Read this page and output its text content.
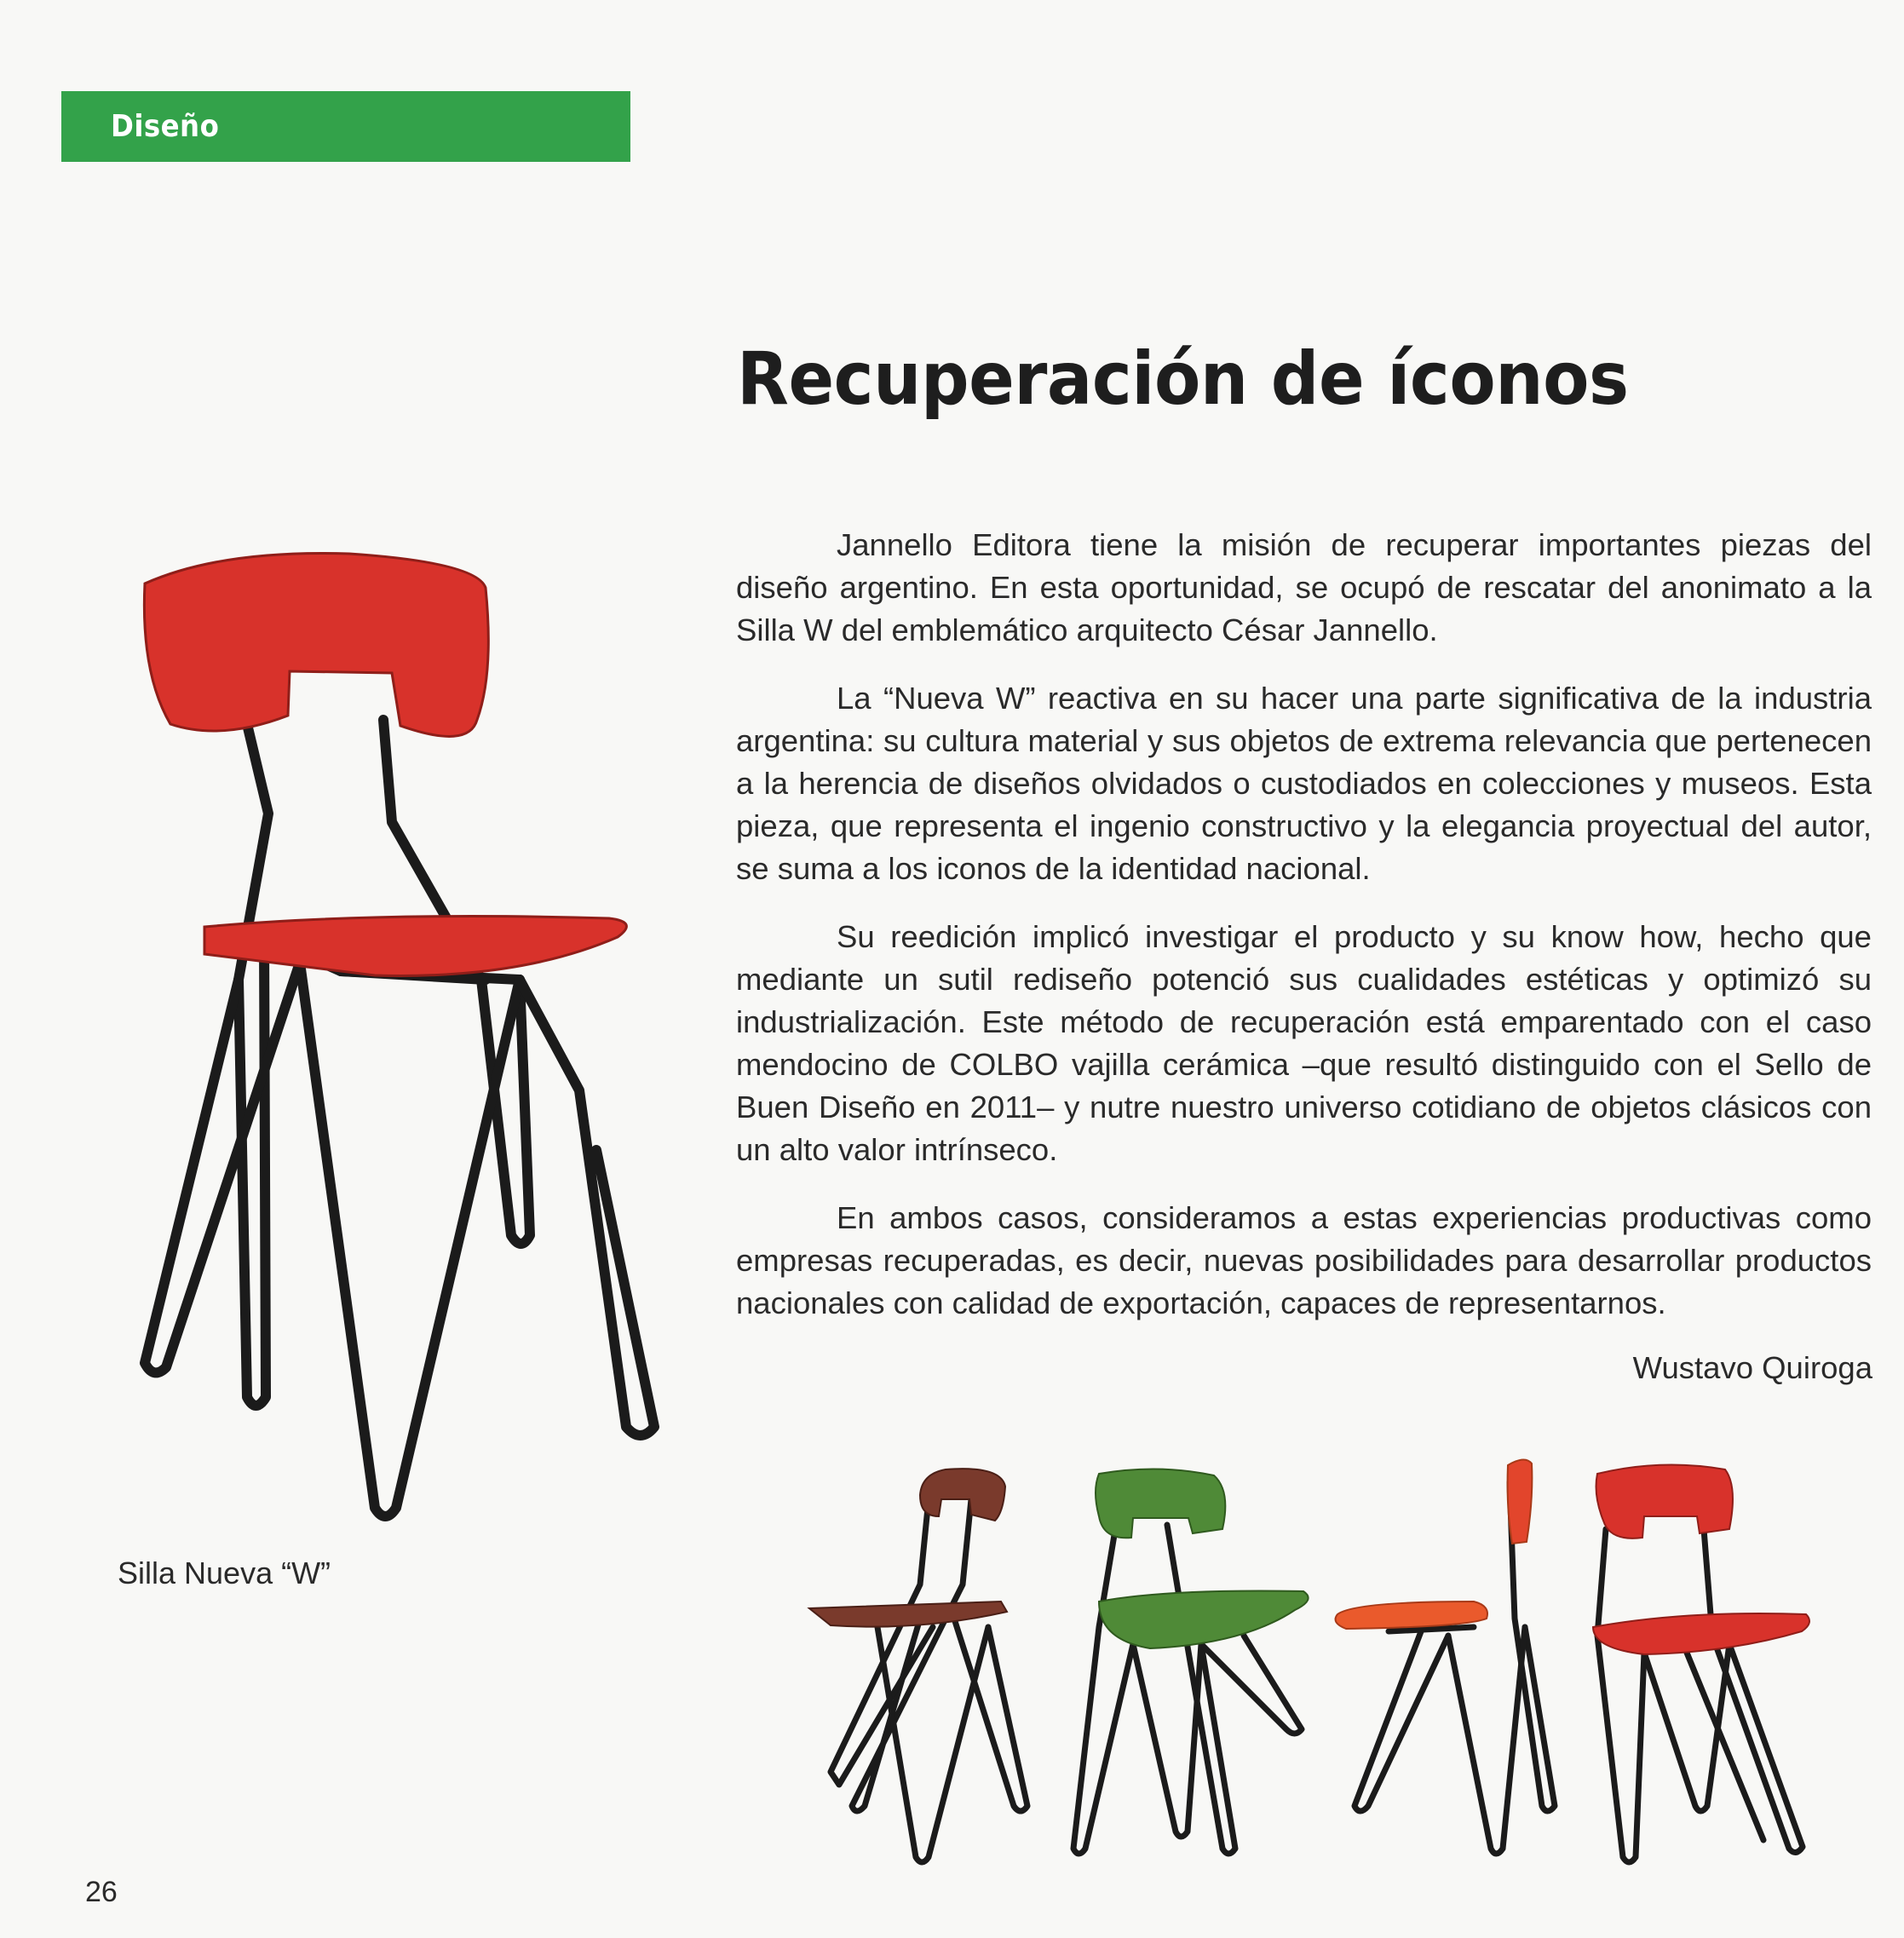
Diseño
Recuperación de íconos

Jannello Editora tiene la misión de recuperar importantes piezas del diseño argentino. En esta oportunidad, se ocupó de rescatar del anonimato a la Silla W del emblemático arquitecto César Jannello.

La “Nueva W” reactiva en su hacer una parte significativa de la industria argentina: su cultura material y sus objetos de extrema relevancia que pertenecen a la herencia de diseños olvidados o custodiados en colecciones y museos. Esta pieza, que representa el ingenio constructivo y la elegancia proyectual del autor, se suma a los iconos de la identidad nacional.

Su reedición implicó investigar el producto y su know how, hecho que mediante un sutil rediseño potenció sus cualidades estéticas y optimizó su industrialización. Este método de recuperación está emparentado con el caso mendocino de COLBO vajilla cerámica –que resultó distinguido con el Sello de Buen Diseño en 2011– y nutre nuestro universo cotidiano de objetos clásicos con un alto valor intrínseco.

En ambos casos, consideramos a estas experiencias productivas como empresas recuperadas, es decir, nuevas posibilidades para desarrollar productos nacionales con calidad de exportación, capaces de representarnos.

Wustavo Quiroga
Silla Nueva “W”
26
